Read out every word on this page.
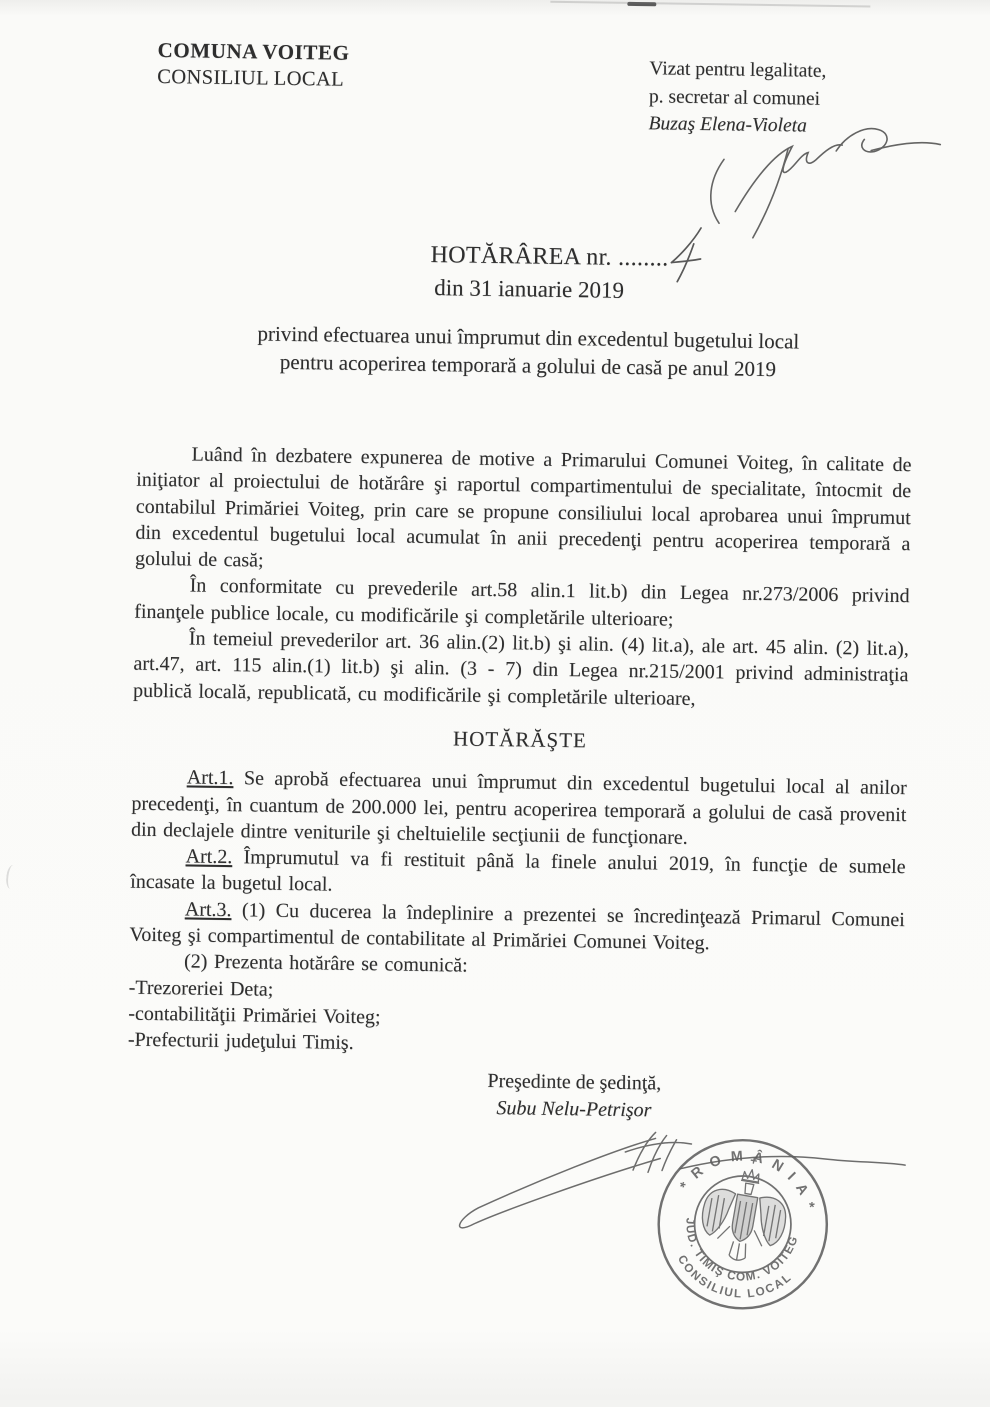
COMUNA VOITEG
CONSILIUL LOCAL	Vizat pentru legalitate,
p. secretar al comunei
Buzaş Elena-Violeta
HOTĂRÂREA nr. ........
din 31 ianuarie 2019
privind efectuarea unui împrumut din excedentul bugetului local
pentru acoperirea temporară a golului de casă pe anul 2019

Luând în dezbatere expunerea de motive a Primarului Comunei Voiteg, în calitate de iniţiator al proiectului de hotărâre şi raportul compartimentului de specialitate, întocmit de contabilul Primăriei Voiteg, prin care se propune consiliului local aprobarea unui împrumut din excedentul bugetului local acumulat în anii precedenţi pentru acoperirea temporară a golului de casă;

În conformitate cu prevederile art.58 alin.1 lit.b) din Legea nr.273/2006 privind finanţele publice locale, cu modificările şi completările ulterioare;

În temeiul prevederilor art. 36 alin.(2) lit.b) şi alin. (4) lit.a), ale art. 45 alin. (2) lit.a), art.47, art. 115 alin.(1) lit.b) şi alin. (3 - 7) din Legea nr.215/2001 privind administraţia publică locală, republicată, cu modificările şi completările ulterioare,

HOTĂRĂŞTE

Art.1. Se aprobă efectuarea unui împrumut din excedentul bugetului local al anilor precedenţi, în cuantum de 200.000 lei, pentru acoperirea temporară a golului de casă provenit din declajele dintre veniturile şi cheltuielile secţiunii de funcţionare.

Art.2. Împrumutul va fi restituit până la finele anului 2019, în funcţie de sumele încasate la bugetul local.

Art.3. (1) Cu ducerea la îndeplinire a prezentei se încredinţează Primarul Comunei Voiteg şi compartimentul de contabilitate al Primăriei Comunei Voiteg.

(2) Prezenta hotărâre se comunică:

-Trezoreriei Deta;

-contabilităţii Primăriei Voiteg;

-Prefecturii judeţului Timiş.

Preşedinte de şedinţă,
Subu Nelu-Petrişor
* R O M Â N I A *
JUD. TIMIŞ COM. VOITEG
CONSILIUL LOCAL
